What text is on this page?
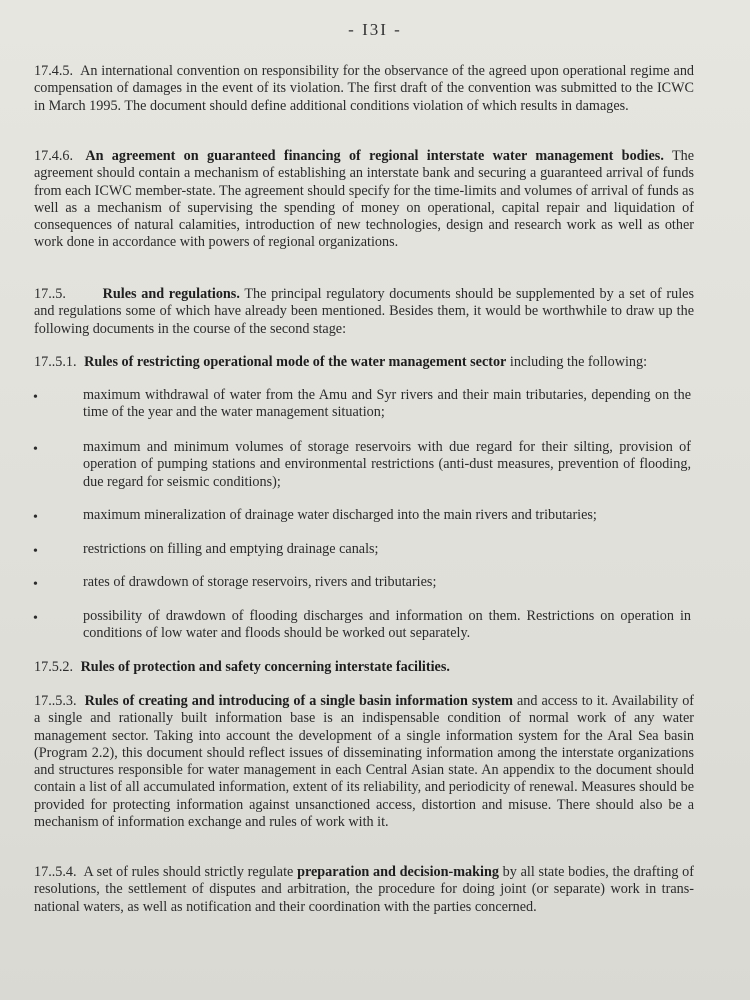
- I3I -
17.4.5. An international convention on responsibility for the observance of the agreed upon operational regime and compensation of damages in the event of its violation. The first draft of the convention was submitted to the ICWC in March 1995. The document should define additional conditions violation of which results in damages.
17.4.6. An agreement on guaranteed financing of regional interstate water management bodies. The agreement should contain a mechanism of establishing an interstate bank and securing a guaranteed arrival of funds from each ICWC member-state. The agreement should specify for the time-limits and volumes of arrival of funds as well as a mechanism of supervising the spending of money on operational, capital repair and liquidation of consequences of natural calamities, introduction of new technologies, design and research work as well as other work done in accordance with powers of regional organizations.
17..5.	Rules and regulations. The principal regulatory documents should be supplemented by a set of rules and regulations some of which have already been mentioned. Besides them, it would be worthwhile to draw up the following documents in the course of the second stage:
17..5.1. Rules of restricting operational mode of the water management sector including the following:
•	maximum withdrawal of water from the Amu and Syr rivers and their main tributaries, depending on the time of the year and the water management situation;
•	maximum and minimum volumes of storage reservoirs with due regard for their silting, provision of operation of pumping stations and environmental restrictions (anti-dust measures, prevention of flooding, due regard for seismic conditions);
•	maximum mineralization of drainage water discharged into the main rivers and tributaries;
•	restrictions on filling and emptying drainage canals;
•	rates of drawdown of storage reservoirs, rivers and tributaries;
•	possibility of drawdown of flooding discharges and information on them. Restrictions on operation in conditions of low water and floods should be worked out separately.
17.5.2. Rules of protection and safety concerning interstate facilities.
17..5.3. Rules of creating and introducing of a single basin information system and access to it. Availability of a single and rationally built information base is an indispensable condition of normal work of any water management sector. Taking into account the development of a single information system for the Aral Sea basin (Program 2.2), this document should reflect issues of disseminating information among the interstate organizations and structures responsible for water management in each Central Asian state. An appendix to the document should contain a list of all accumulated information, extent of its reliability, and periodicity of renewal. Measures should be provided for protecting information against unsanctioned access, distortion and misuse. There should also be a mechanism of information exchange and rules of work with it.
17..5.4. A set of rules should strictly regulate preparation and decision-making by all state bodies, the drafting of resolutions, the settlement of disputes and arbitration, the procedure for doing joint (or separate) work in trans-national waters, as well as notification and their coordination with the parties concerned.
